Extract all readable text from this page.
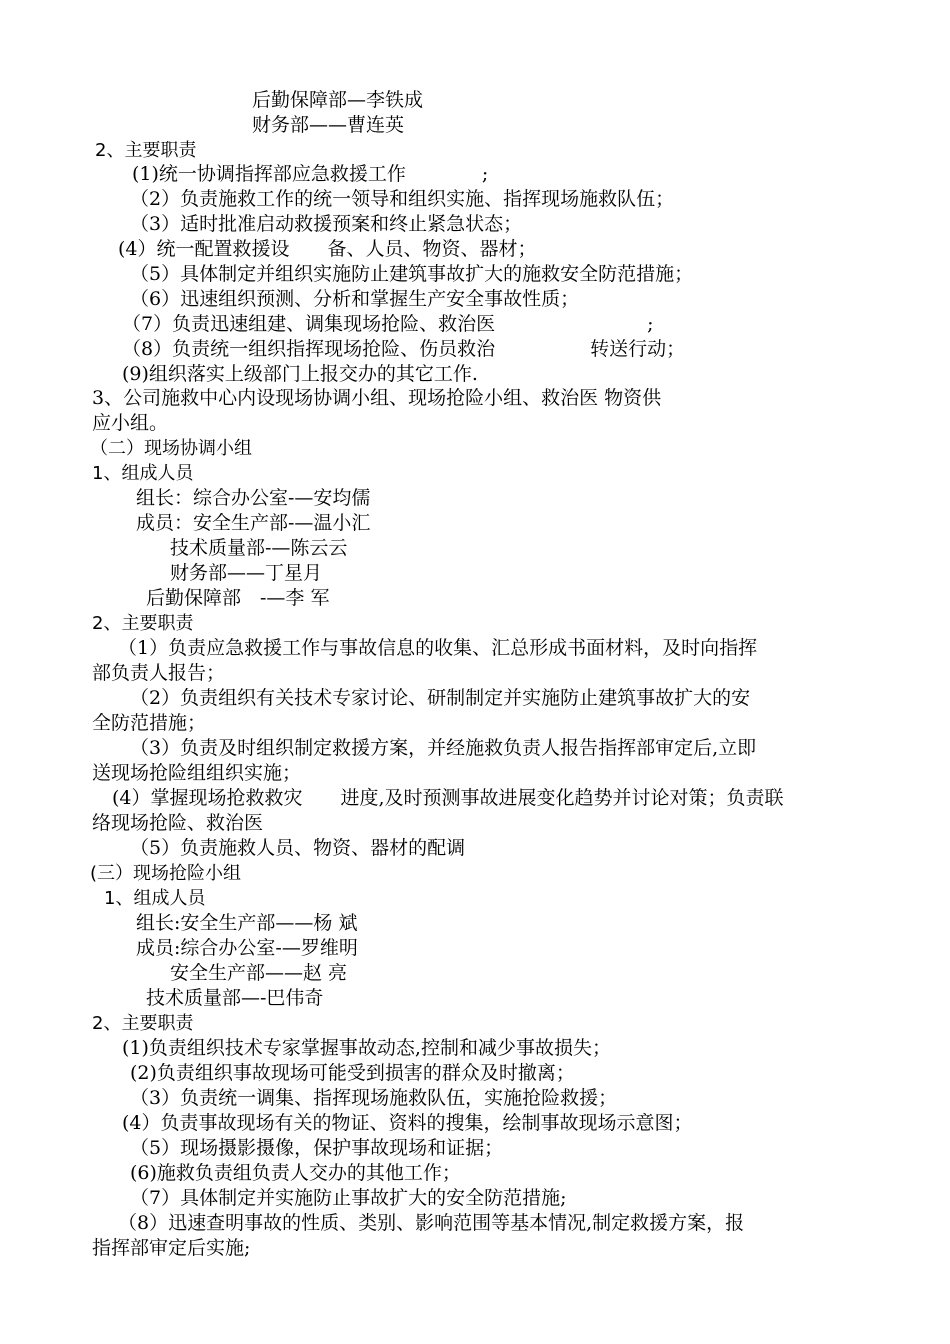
后勤保障部—李铁成
财务部——曹连英
2、主要职责
(1)统一协调指挥部应急救援工作　　　　;
（2）负责施救工作的统一领导和组织实施、指挥现场施救队伍；
（3）适时批准启动救援预案和终止紧急状态；
(4）统一配置救援设　　备、人员、物资、器材；
（5）具体制定并组织实施防止建筑事故扩大的施救安全防范措施；
（6）迅速组织预测、分析和掌握生产安全事故性质；
（7）负责迅速组建、调集现场抢险、救治医　　　　　　　　;
（8）负责统一组织指挥现场抢险、伤员救治　　　　　转送行动；
(9)组织落实上级部门上报交办的其它工作.
3、公司施救中心内设现场协调小组、现场抢险小组、救治医 物资供
应小组。
（二）现场协调小组
1、组成人员
组长：综合办公室-—安均儒
成员：安全生产部-—温小汇
技术质量部-—陈云云
财务部——丁星月
后勤保障部　-—李 军
2、主要职责
（1）负责应急救援工作与事故信息的收集、汇总形成书面材料，及时向指挥
部负责人报告；
（2）负责组织有关技术专家讨论、研制制定并实施防止建筑事故扩大的安
全防范措施；
（3）负责及时组织制定救援方案，并经施救负责人报告指挥部审定后,立即
送现场抢险组组织实施；
(4）掌握现场抢救救灾　　进度,及时预测事故进展变化趋势并讨论对策；负责联
络现场抢险、救治医
（5）负责施救人员、物资、器材的配调
(三）现场抢险小组
1、组成人员
组长:安全生产部——杨 斌
成员:综合办公室-—罗维明
安全生产部——赵 亮
技术质量部—-巴伟奇
2、主要职责
(1)负责组织技术专家掌握事故动态,控制和减少事故损失；
(2)负责组织事故现场可能受到损害的群众及时撤离；
（3）负责统一调集、指挥现场施救队伍，实施抢险救援；
(4）负责事故现场有关的物证、资料的搜集，绘制事故现场示意图；
（5）现场摄影摄像，保护事故现场和证据；
(6)施救负责组负责人交办的其他工作；
（7）具体制定并实施防止事故扩大的安全防范措施;
（8）迅速查明事故的性质、类别、影响范围等基本情况,制定救援方案，报
指挥部审定后实施;
